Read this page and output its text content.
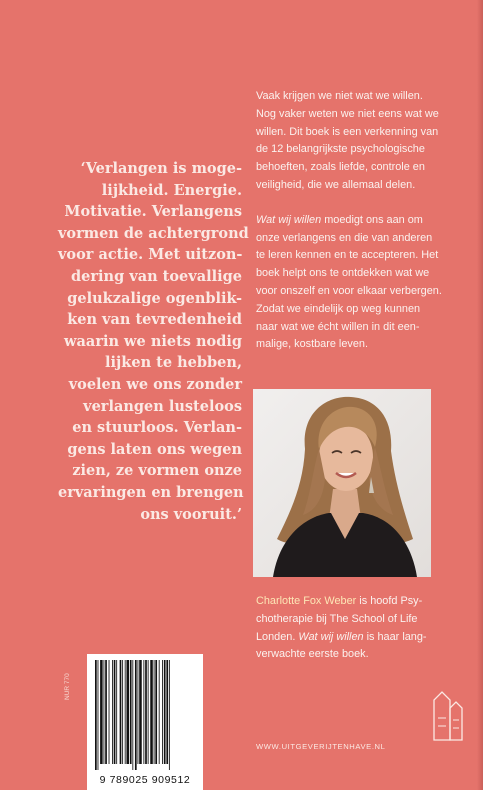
‘Verlangen is moge-
lijkheid. Energie.
Motivatie. Verlangens
vormen de achtergrond
voor actie. Met uitzon-
dering van toevallige
gelukzalige ogenblik-
ken van tevredenheid
waarin we niets nodig
lijken te hebben,
voelen we ons zonder
verlangen lusteloos
en stuurloos. Verlan-
gens laten ons wegen
zien, ze vormen onze
ervaringen en brengen
ons vooruit.’
Vaak krijgen we niet wat we willen.
Nog vaker weten we niet eens wat we
willen. Dit boek is een verkenning van
de 12 belangrijkste psychologische
behoeften, zoals liefde, controle en
veiligheid, die we allemaal delen.
Wat wij willen moedigt ons aan om
onze verlangens en die van anderen
te leren kennen en te accepteren. Het
boek helpt ons te ontdekken wat we
voor onszelf en voor elkaar verbergen.
Zodat we eindelijk op weg kunnen
naar wat we écht willen in dit een-
malige, kostbare leven.
Charlotte Fox Weber is hoofd Psy-
chotherapie bij The School of Life
Londen. Wat wij willen is haar lang-
verwachte eerste boek.
NUR 770
9 789025 909512
WWW.UITGEVERIJTENHAVE.NL
